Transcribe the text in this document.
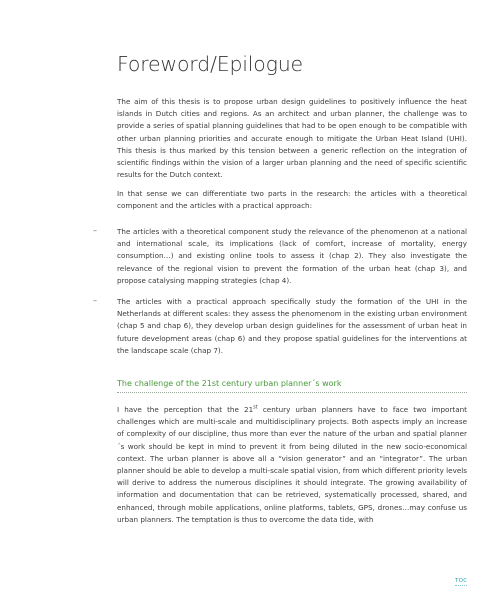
Foreword/Epilogue
The aim of this thesis is to propose urban design guidelines to positively influence the heat islands in Dutch cities and regions. As an architect and urban planner, the challenge was to provide a series of spatial planning guidelines that had to be open enough to be compatible with other urban planning priorities and accurate enough to mitigate the Urban Heat Island (UHI). This thesis is thus marked by this tension between a generic reflection on the integration of scientific findings within the vision of a larger urban planning and the need of specific scientific results for the Dutch context.
In that sense we can differentiate two parts in the research: the articles with a theoretical component and the articles with a practical approach:
–	The articles with a theoretical component study the relevance of the phenomenon at a national and international scale, its implications (lack of comfort, increase of mortality, energy consumption…) and existing online tools to assess it (chap 2). They also investigate the relevance of the regional vision to prevent the formation of the urban heat (chap 3), and propose catalysing mapping strategies (chap 4).
–	The articles with a practical approach specifically study the formation of the UHI in the Netherlands at different scales: they assess the phenomenom in the existing urban environment (chap 5 and chap 6), they develop urban design guidelines for the assessment of urban heat in future development areas (chap 6) and they propose spatial guidelines for the interventions at the landscape scale (chap 7).
The challenge of the 21st century urban planner´s work
I have the perception that the 21st century urban planners have to face two important challenges which are multi-scale and multidisciplinary projects. Both aspects imply an increase of complexity of our discipline, thus more than ever the nature of the urban and spatial planner´s work should be kept in mind to prevent it from being diluted in the new socio-economical context. The urban planner is above all a “vision generator” and an “integrator”. The urban planner should be able to develop a multi-scale spatial vision, from which different priority levels will derive to address the numerous disciplines it should integrate. The growing availability of information and documentation that can be retrieved, systematically processed, shared, and enhanced, through mobile applications, online platforms, tablets, GPS, drones…may confuse us urban planners. The temptation is thus to overcome the data tide, with
TOC
